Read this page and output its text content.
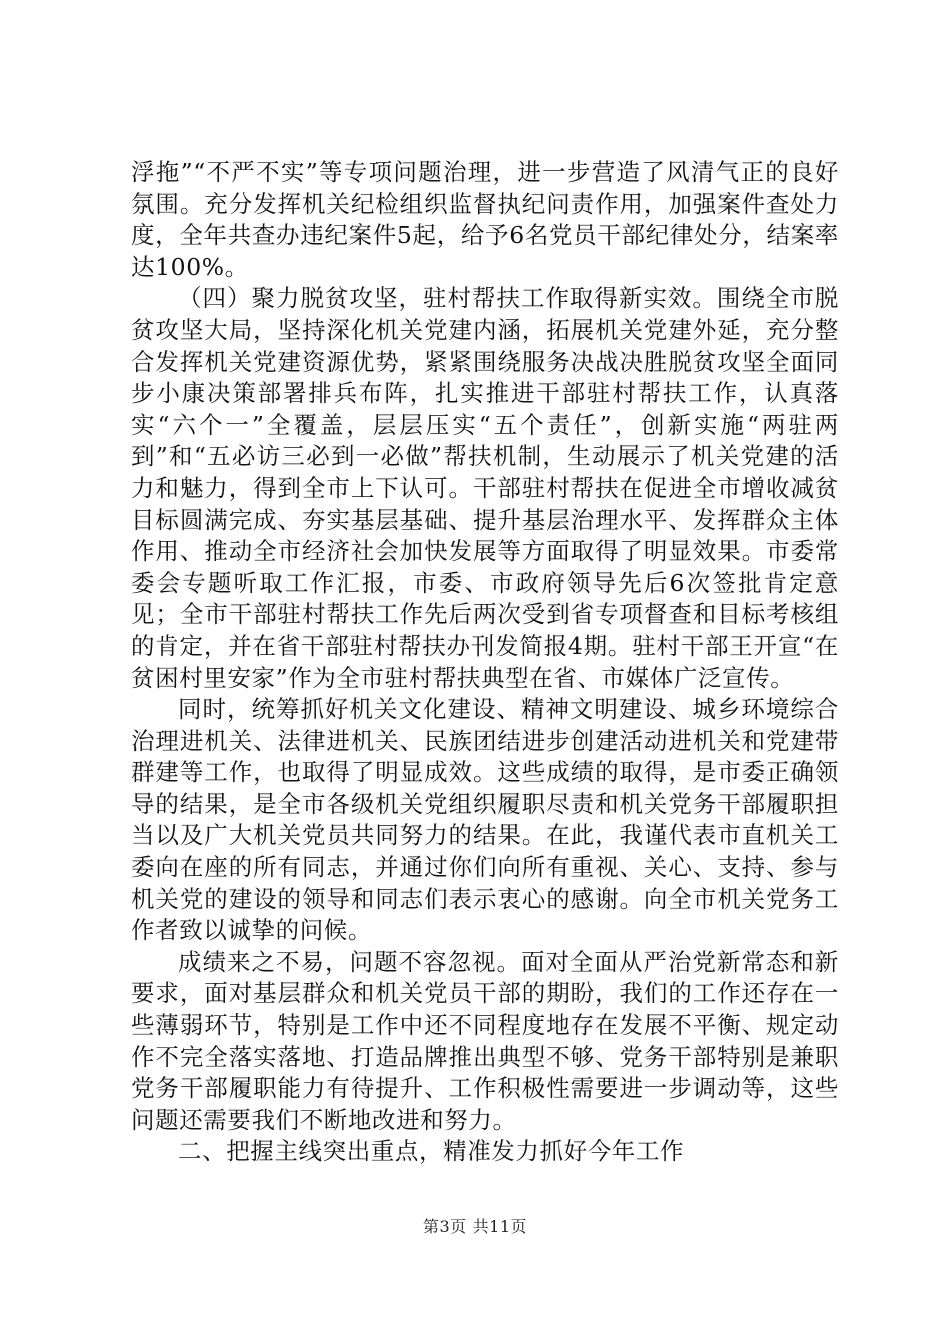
浮拖”“不严不实”等专项问题治理，进一步营造了风清气正的良好氛围。充分发挥机关纪检组织监督执纪问责作用，加强案件查处力度，全年共查办违纪案件5起，给予6名党员干部纪律处分，结案率达100%。

（四）聚力脱贫攻坚，驻村帮扶工作取得新实效。围绕全市脱贫攻坚大局，坚持深化机关党建内涵，拓展机关党建外延，充分整合发挥机关党建资源优势，紧紧围绕服务决战决胜脱贫攻坚全面同步小康决策部署排兵布阵，扎实推进干部驻村帮扶工作，认真落实“六个一”全覆盖，层层压实“五个责任”，创新实施“两驻两到”和“五必访三必到一必做”帮扶机制，生动展示了机关党建的活力和魅力，得到全市上下认可。干部驻村帮扶在促进全市增收减贫目标圆满完成、夯实基层基础、提升基层治理水平、发挥群众主体作用、推动全市经济社会加快发展等方面取得了明显效果。市委常委会专题听取工作汇报，市委、市政府领导先后6次签批肯定意见；全市干部驻村帮扶工作先后两次受到省专项督查和目标考核组的肯定，并在省干部驻村帮扶办刊发简报4期。驻村干部王开宣“在贫困村里安家”作为全市驻村帮扶典型在省、市媒体广泛宣传。

同时，统筹抓好机关文化建设、精神文明建设、城乡环境综合治理进机关、法律进机关、民族团结进步创建活动进机关和党建带群建等工作，也取得了明显成效。这些成绩的取得，是市委正确领导的结果，是全市各级机关党组织履职尽责和机关党务干部履职担当以及广大机关党员共同努力的结果。在此，我谨代表市直机关工委向在座的所有同志，并通过你们向所有重视、关心、支持、参与机关党的建设的领导和同志们表示衷心的感谢。向全市机关党务工作者致以诚挚的问候。

成绩来之不易，问题不容忽视。面对全面从严治党新常态和新要求，面对基层群众和机关党员干部的期盼，我们的工作还存在一些薄弱环节，特别是工作中还不同程度地存在发展不平衡、规定动作不完全落实落地、打造品牌推出典型不够、党务干部特别是兼职党务干部履职能力有待提升、工作积极性需要进一步调动等，这些问题还需要我们不断地改进和努力。

二、把握主线突出重点，精准发力抓好今年工作

第3页 共11页
